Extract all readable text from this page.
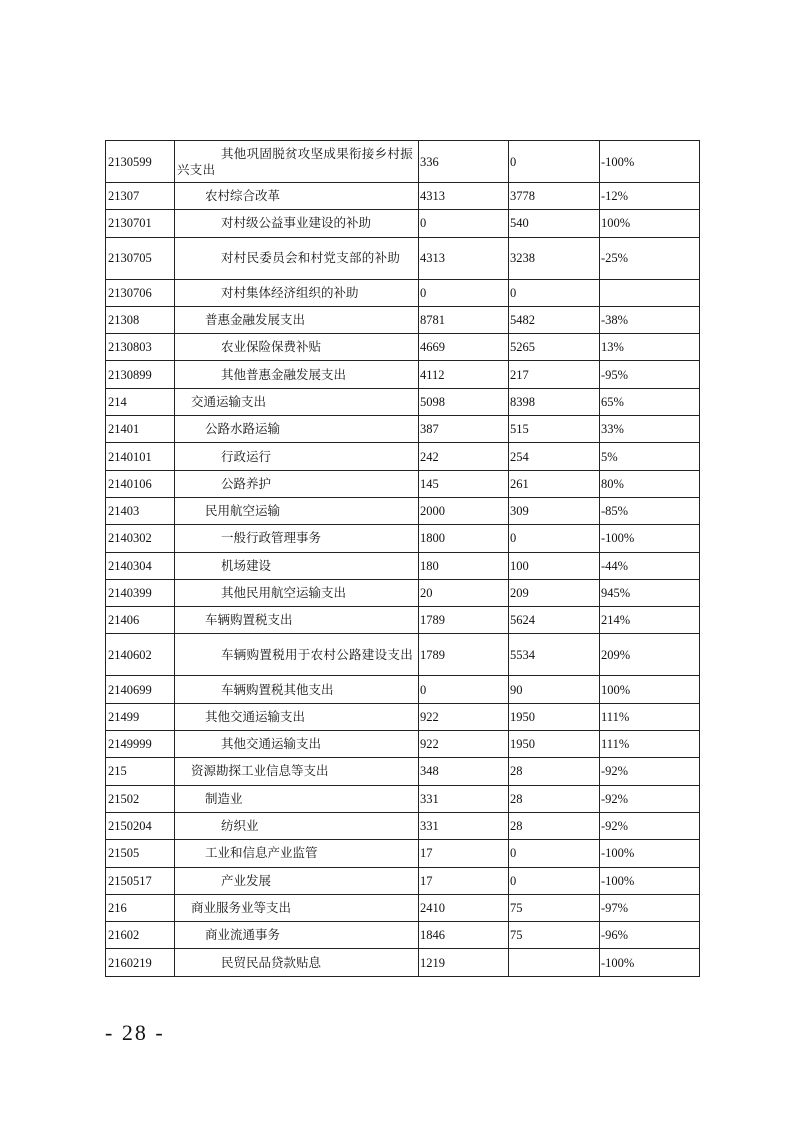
2130599	其他巩固脱贫攻坚成果衔接乡村振兴支出	336	0	-100%
21307	农村综合改革	4313	3778	-12%
2130701	对村级公益事业建设的补助	0	540	100%
2130705	对村民委员会和村党支部的补助	4313	3238	-25%
2130706	对村集体经济组织的补助	0	0	
21308	普惠金融发展支出	8781	5482	-38%
2130803	农业保险保费补贴	4669	5265	13%
2130899	其他普惠金融发展支出	4112	217	-95%
214	交通运输支出	5098	8398	65%
21401	公路水路运输	387	515	33%
2140101	行政运行	242	254	5%
2140106	公路养护	145	261	80%
21403	民用航空运输	2000	309	-85%
2140302	一般行政管理事务	1800	0	-100%
2140304	机场建设	180	100	-44%
2140399	其他民用航空运输支出	20	209	945%
21406	车辆购置税支出	1789	5624	214%
2140602	车辆购置税用于农村公路建设支出	1789	5534	209%
2140699	车辆购置税其他支出	0	90	100%
21499	其他交通运输支出	922	1950	111%
2149999	其他交通运输支出	922	1950	111%
215	资源勘探工业信息等支出	348	28	-92%
21502	制造业	331	28	-92%
2150204	纺织业	331	28	-92%
21505	工业和信息产业监管	17	0	-100%
2150517	产业发展	17	0	-100%
216	商业服务业等支出	2410	75	-97%
21602	商业流通事务	1846	75	-96%
2160219	民贸民品贷款贴息	1219		-100%
- 28 -
